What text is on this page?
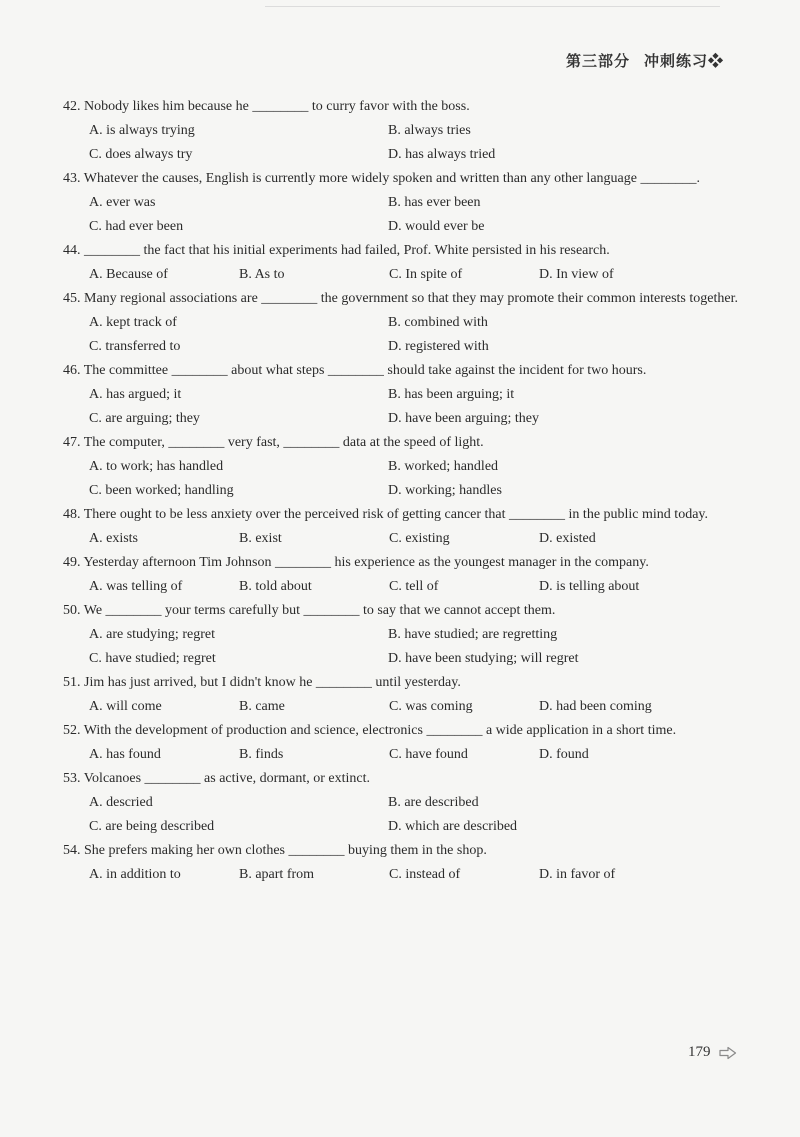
第三部分 冲刺练习❖
42. Nobody likes him because he ________ to curry favor with the boss.
A. is always trying	B. always tries
C. does always try	D. has always tried
43. Whatever the causes, English is currently more widely spoken and written than any other language ________.
A. ever was	B. has ever been
C. had ever been	D. would ever be
44. ________ the fact that his initial experiments had failed, Prof. White persisted in his research.
A. Because of	B. As to	C. In spite of	D. In view of
45. Many regional associations are ________ the government so that they may promote their common interests together.
A. kept track of	B. combined with
C. transferred to	D. registered with
46. The committee ________ about what steps ________ should take against the incident for two hours.
A. has argued; it	B. has been arguing; it
C. are arguing; they	D. have been arguing; they
47. The computer, ________ very fast, ________ data at the speed of light.
A. to work; has handled	B. worked; handled
C. been worked; handling	D. working; handles
48. There ought to be less anxiety over the perceived risk of getting cancer that ________ in the public mind today.
A. exists	B. exist	C. existing	D. existed
49. Yesterday afternoon Tim Johnson ________ his experience as the youngest manager in the company.
A. was telling of	B. told about	C. tell of	D. is telling about
50. We ________ your terms carefully but ________ to say that we cannot accept them.
A. are studying; regret	B. have studied; are regretting
C. have studied; regret	D. have been studying; will regret
51. Jim has just arrived, but I didn't know he ________ until yesterday.
A. will come	B. came	C. was coming	D. had been coming
52. With the development of production and science, electronics ________ a wide application in a short time.
A. has found	B. finds	C. have found	D. found
53. Volcanoes ________ as active, dormant, or extinct.
A. descried	B. are described
C. are being described	D. which are described
54. She prefers making her own clothes ________ buying them in the shop.
A. in addition to	B. apart from	C. instead of	D. in favor of
179
